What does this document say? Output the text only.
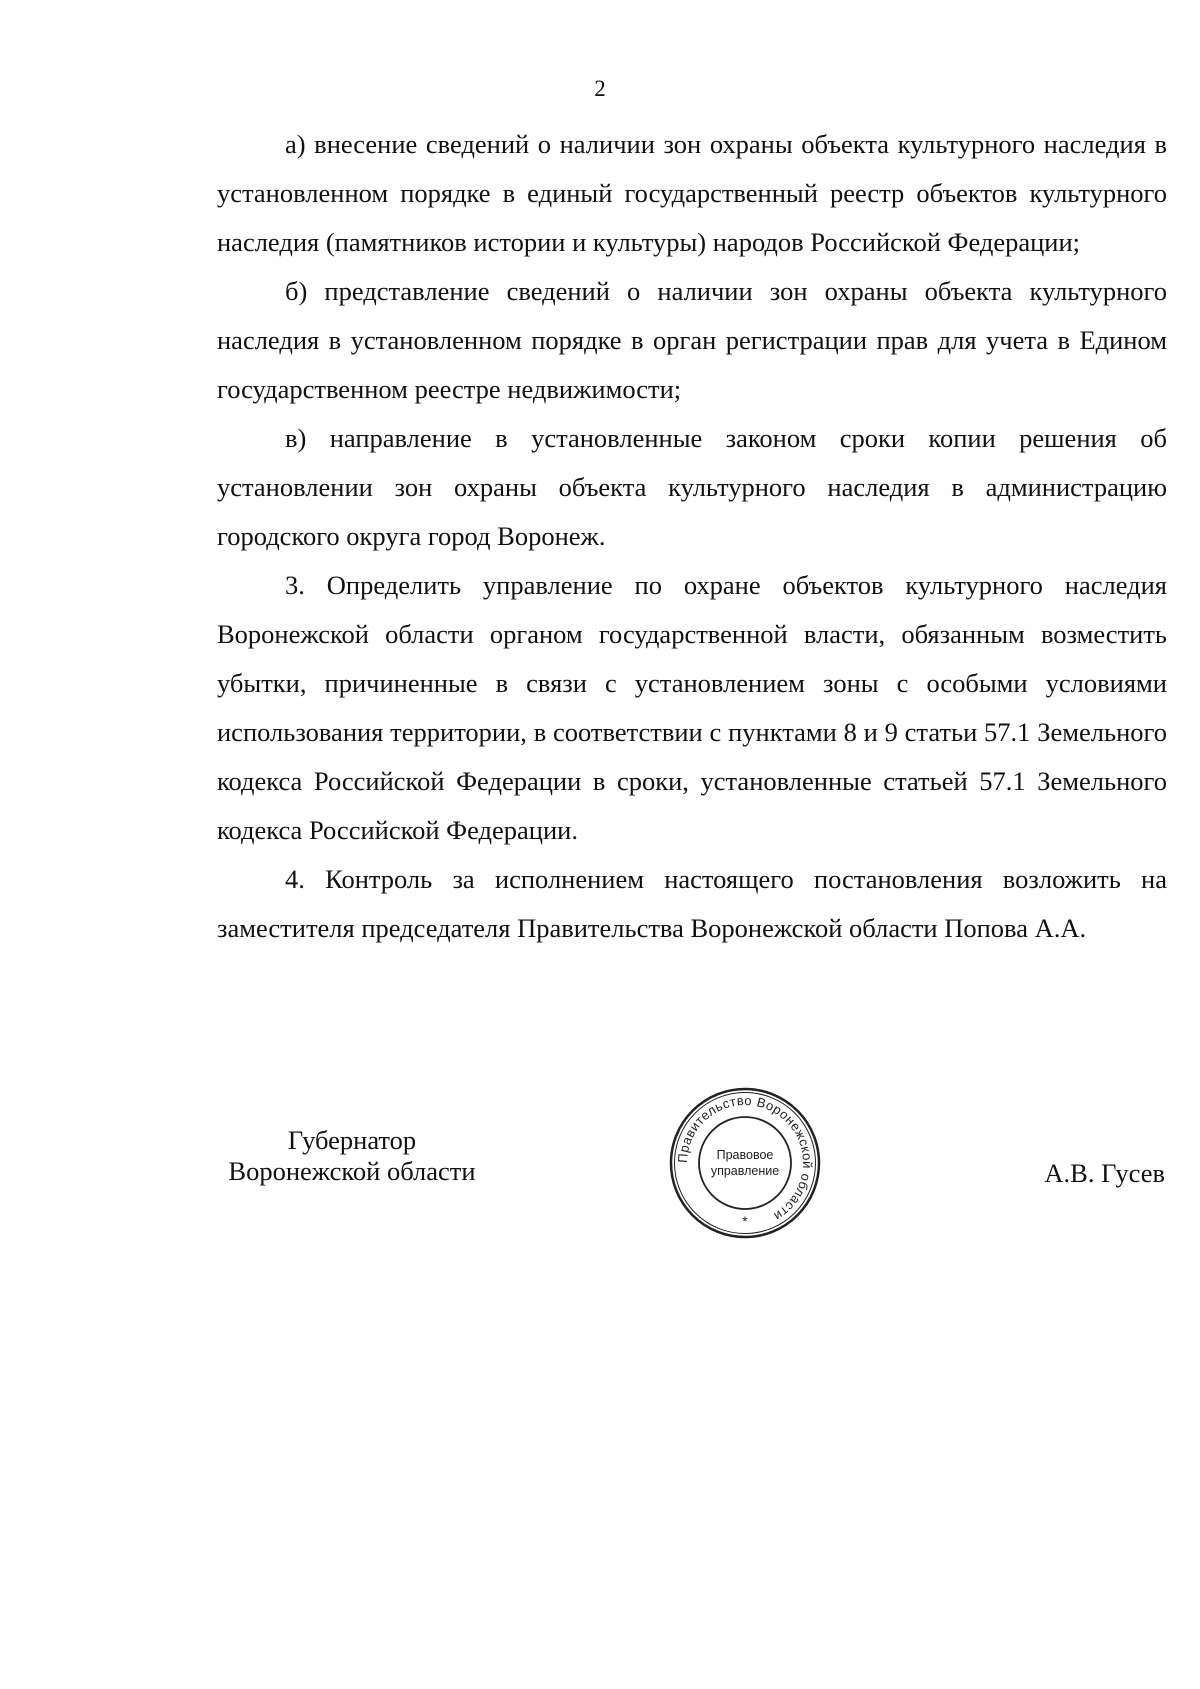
2

а) внесение сведений о наличии зон охраны объекта культурного наследия в установленном порядке в единый государственный реестр объектов культурного наследия (памятников истории и культуры) народов Российской Федерации;

б) представление сведений о наличии зон охраны объекта культурного наследия в установленном порядке в орган регистрации прав для учета в Едином государственном реестре недвижимости;

в) направление в установленные законом сроки копии решения об установлении зон охраны объекта культурного наследия в администрацию городского округа город Воронеж.

3. Определить управление по охране объектов культурного наследия Воронежской области органом государственной власти, обязанным возместить убытки, причиненные в связи с установлением зоны с особыми условиями использования территории, в соответствии с пунктами 8 и 9 статьи 57.1 Земельного кодекса Российской Федерации в сроки, установленные статьей 57.1 Земельного кодекса Российской Федерации.

4. Контроль за исполнением настоящего постановления возложить на заместителя председателя Правительства Воронежской области Попова А.А.

Губернатор
Воронежской области	Правительство Воронежской области
Правовое
управление
*
А.В. Гусев
